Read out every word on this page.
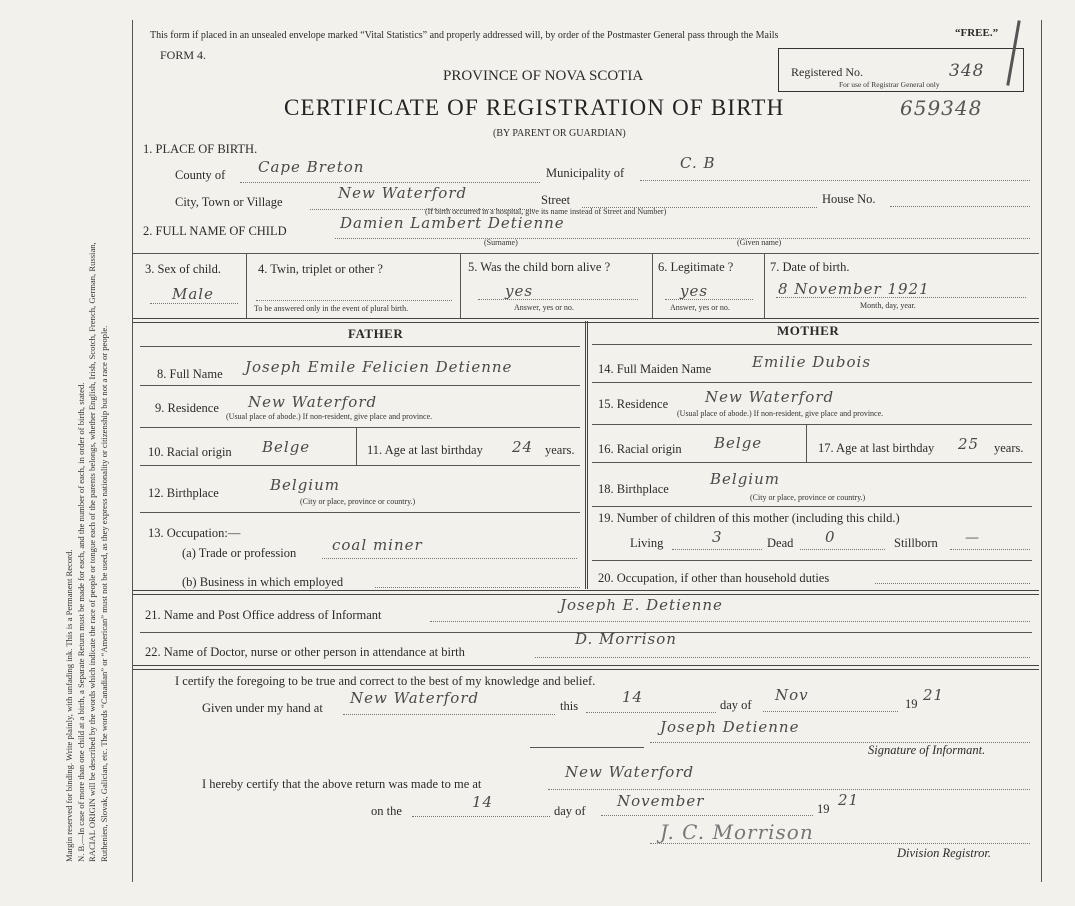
Margin reserved for binding. Write plainly, with unfading ink. This is a Permanent Record. N. B.—In case of more than one child at a birth, a Separate Return must be made for each, and the number of each, in order of birth, stated. RACIAL ORIGIN will be described by the words which indicate the race of people or tongue each of the parents belongs, whether English, Irish, Scotch, French, German, Russian, Ruthenien, Slovak, Galician, etc. The words “Canadian” or “American” must not be used, as they express nationality or citizenship but not a race or people.
This form if placed in an unsealed envelope marked “Vital Statistics” and properly addressed will, by order of the Postmaster General pass through the Mails	“FREE.”
FORM 4.
PROVINCE OF NOVA SCOTIA
CERTIFICATE OF REGISTRATION OF BIRTH
(BY PARENT OR GUARDIAN)
659348
Registered No.	348
For use of Registrar General only
1. PLACE OF BIRTH.
County of Cape Breton	Municipality of
C. B
City, Town or Village	New Waterford	Street	House No.
(If birth occurred in a hospital, give its name instead of Street and Number)
2. FULL NAME OF CHILD	Damien Lambert Detienne
(Surname)	(Given name)
3. Sex of child.
Male
4. Twin, triplet or other ?
To be answered only in the event of plural birth.
5. Was the child born alive ?
yes
Answer, yes or no.
6. Legitimate ?
yes
Answer, yes or no.
7. Date of birth.
8 November 1921
Month, day, year.
FATHER	MOTHER
8. Full Name Joseph Emile Felicien Detienne
9. Residence New Waterford
(Usual place of abode.) If non-resident, give place and province.
10. Racial origin Belge	11. Age at last birthday 24 years.
12. Birthplace	Belgium
(City or place, province or country.)
13. Occupation:—
(a) Trade or profession coal miner
(b) Business in which employed
14. Full Maiden Name	Emilie Dubois
15. Residence New Waterford
(Usual place of abode.) If non-resident, give place and province.
16. Racial origin Belge	17. Age at last birthday 25 years.
18. Birthplace
Belgium
(City or place, province or country.)
19. Number of children of this mother (including this child.)
Living	3	Dead 0	Stillborn —
20. Occupation, if other than household duties
21. Name and Post Office address of Informant
Joseph E. Detienne
22. Name of Doctor, nurse or other person in attendance at birth
D. Morrison
I certify the foregoing to be true and correct to the best of my knowledge and belief.
Given under my hand at
New Waterford	this	14	day of
Nov	19 21
Joseph Detienne
Signature of Informant.
I hereby certify that the above return was made to me at
New Waterford
on the	14	day of
November	19 21
J. C. Morrison
Division Registror.
